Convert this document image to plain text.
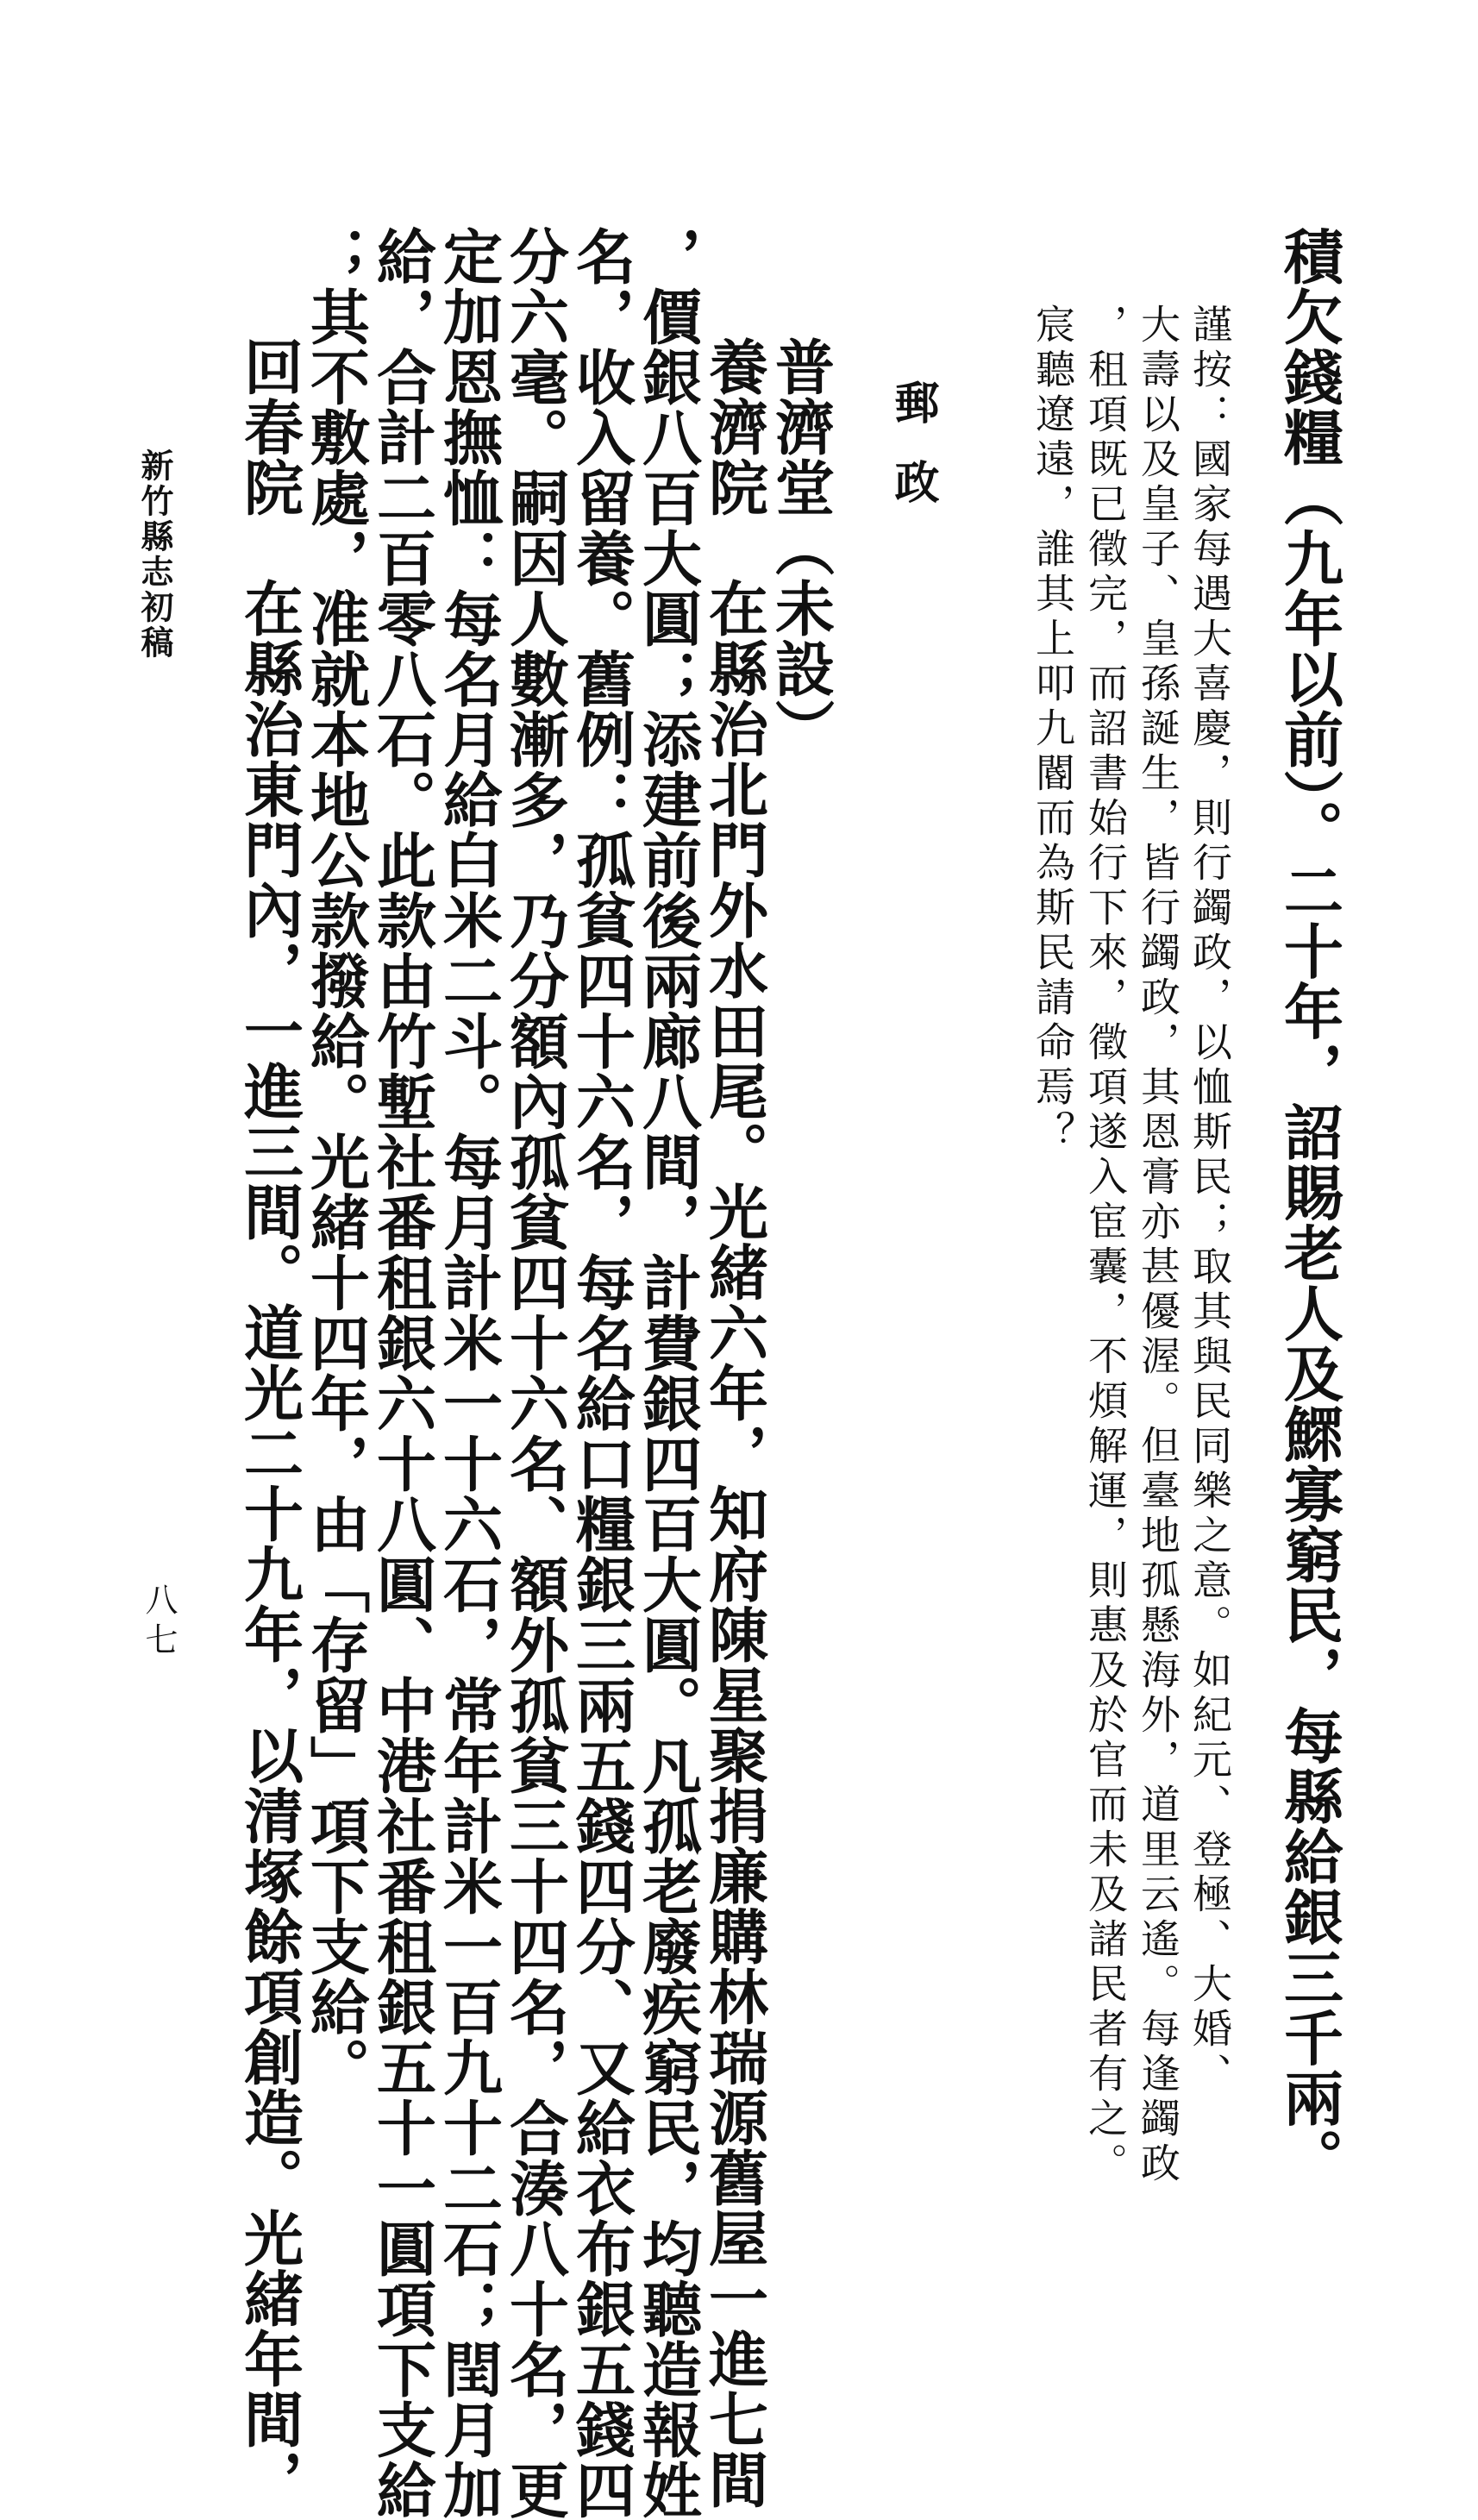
積欠錢糧（九年以前）。二十年，詔賜老人及鰥寡窮民，每縣給銀三千兩。
謹按：國家每遇大喜慶，則行蠲政，以恤斯民；取其與民同樂之意。如紀元、登極、大婚、
大壽以及皇子、皇孫誕生，皆行蠲政，其恩膏亦甚優渥。但臺地孤懸海外，道里云遙。每逢蠲政
，租項既已徵完，而詔書始行下來，徵項遂入宦囊，不煩解運，則惠及於官而未及諸民者有之。
宸聽遼遠，誰其上叩九閽而為斯民請命焉？
郵政
普濟堂（未設）
養濟院　在縣治北門外水田尾。光緒六年，知府陳星聚捐廉購林瑞源舊屋一進七間
，價銀八百大圓；添建前後兩廊八間，計費銀四百大圓。凡孤老廢疾窮民，均聽造報姓
名，收入留養。舊例：孤貧四十六名，每名給口糧銀三兩五錢四分、又給衣布銀五錢四
分六毫。嗣因人數漸多，乃分額內孤貧四十六名、額外孤貧三十四名，合湊八十名，更
定加恩撫恤：每名月給白米二斗。每月計米一十六石，常年計米一百九十二石；閏月加
給，合計二百零八石。此款由竹塹社番租銀六十八圓、中港社番租銀五十一圓項下支給
；其不敷處，准就本地公款撥給。光緒十四年，由「存留」項下支給。
回春院　在縣治東門內，一進三間。道光二十九年，以清塚餘項創造。光緒年間，
新竹縣志初稿
八七
